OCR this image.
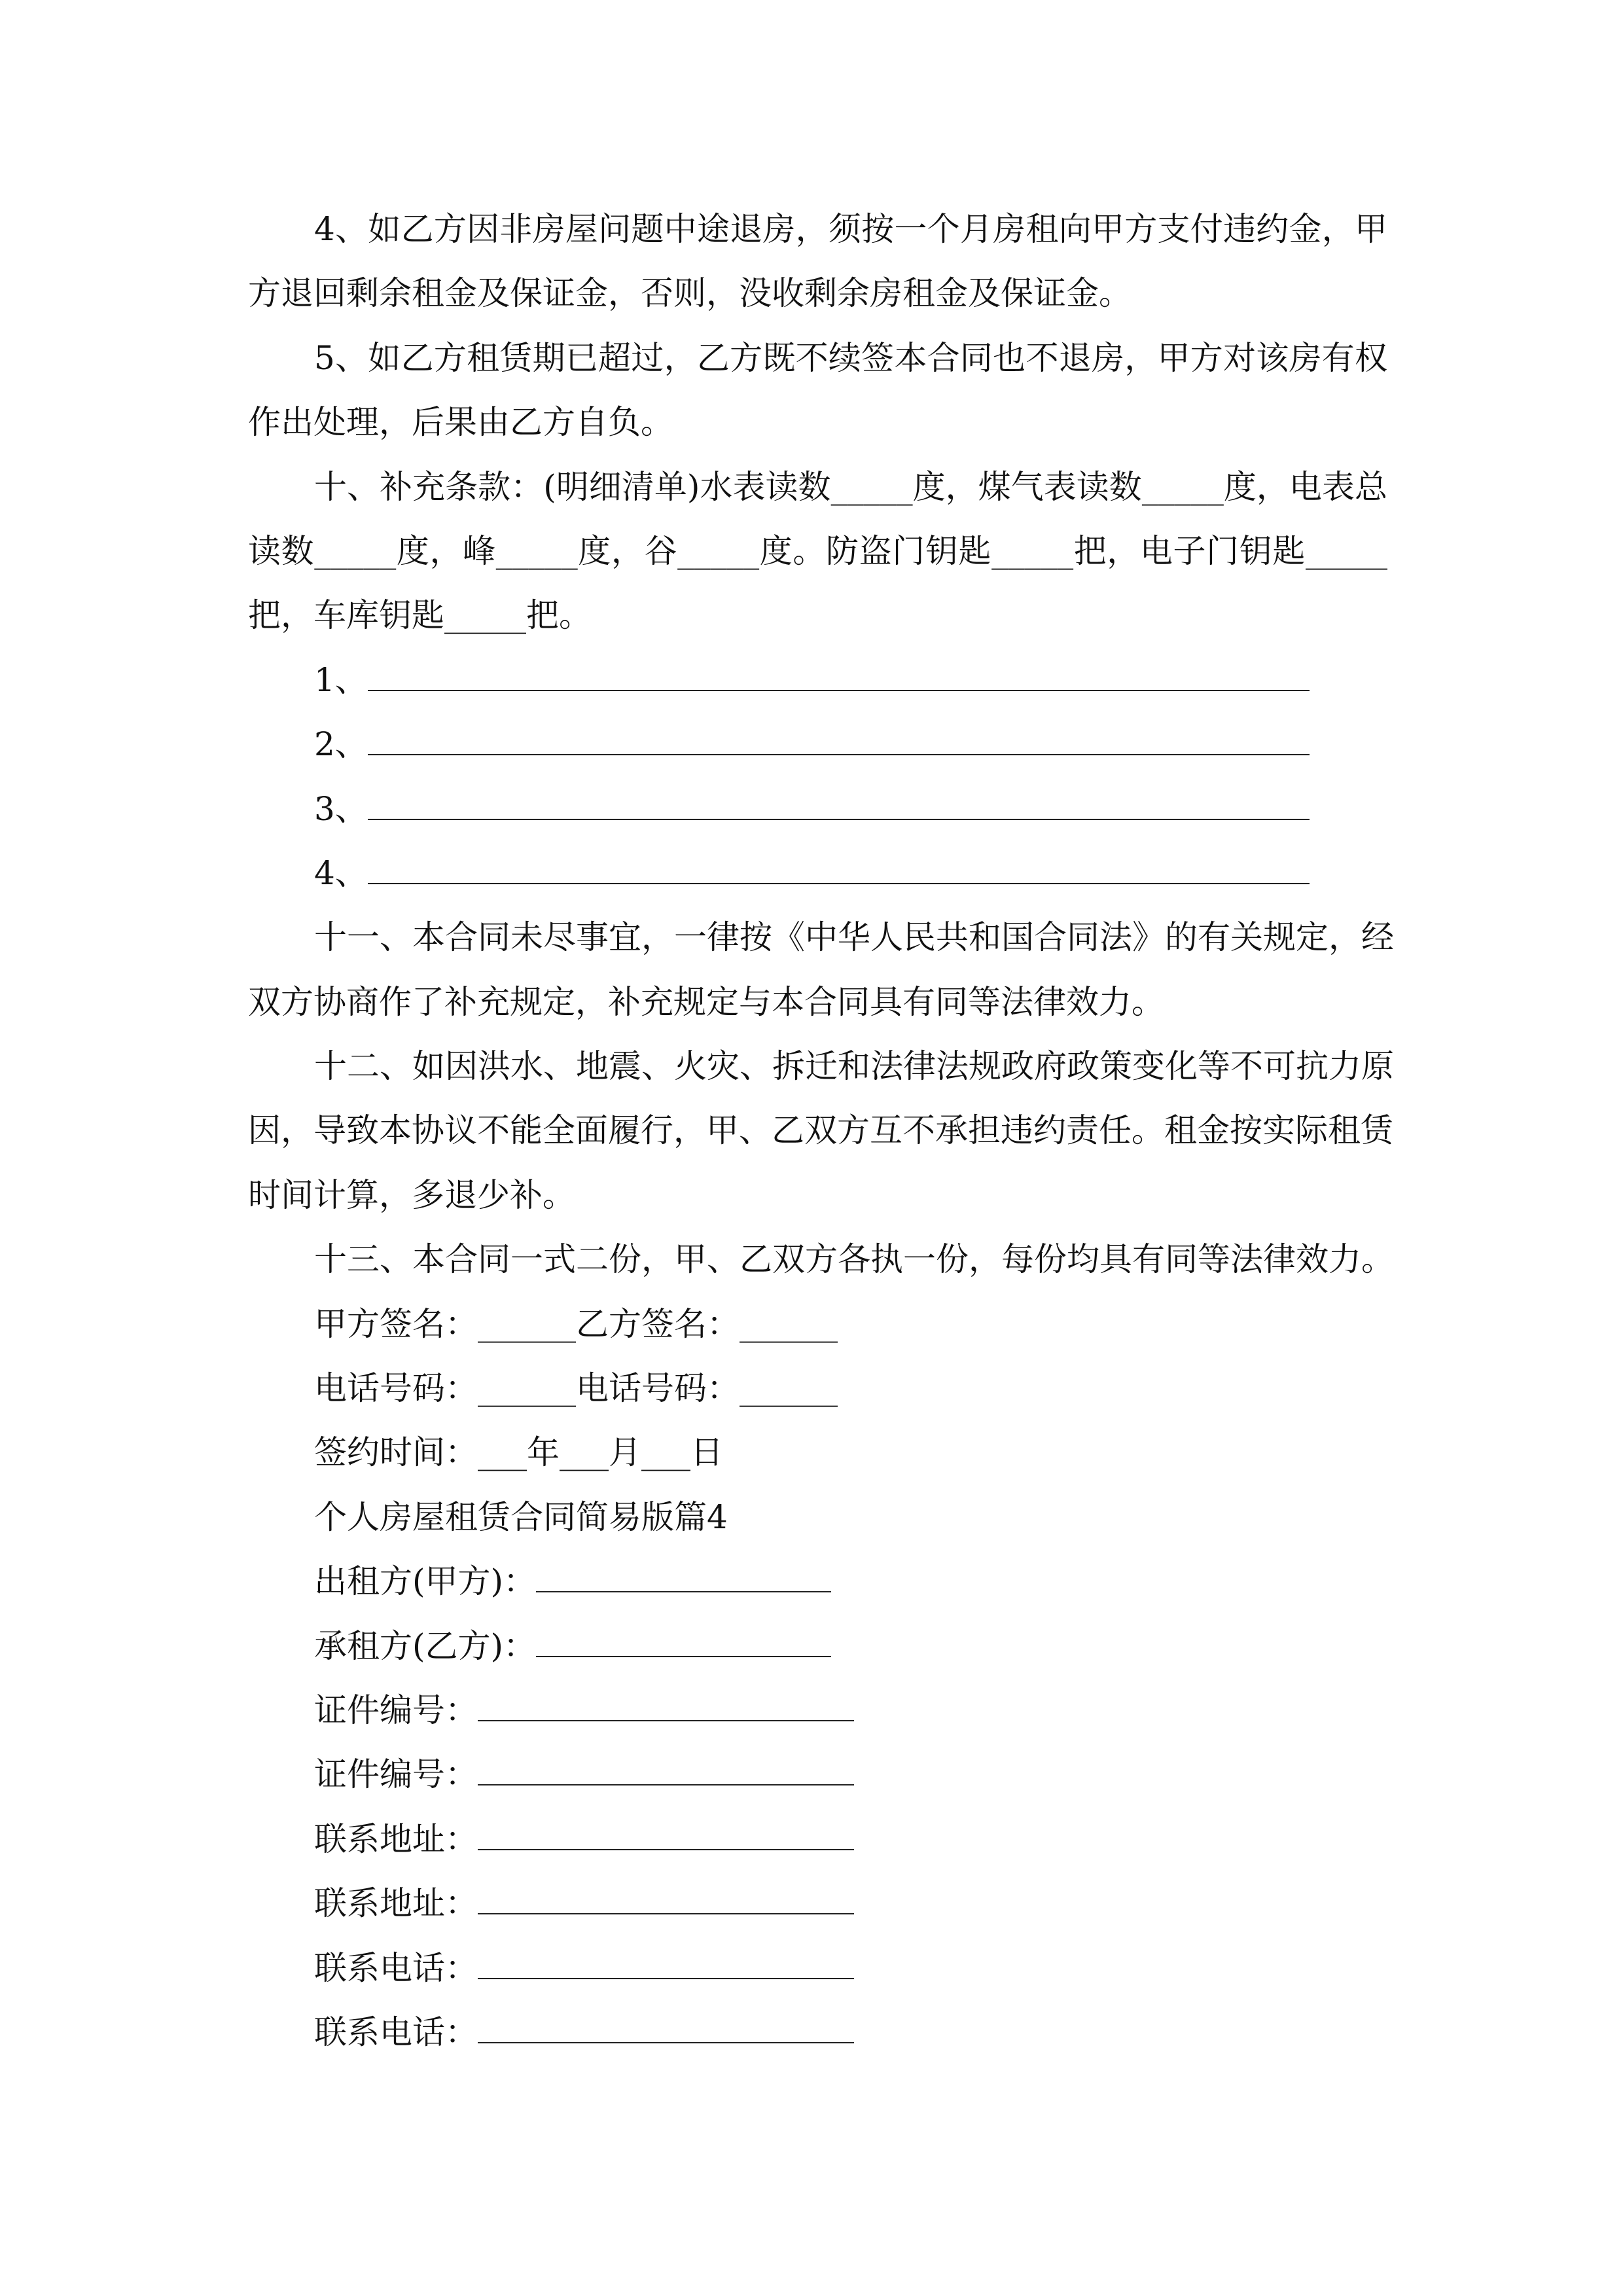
4、如乙方因非房屋问题中途退房，须按一个月房租向甲方支付违约金，甲
方退回剩余租金及保证金，否则，没收剩余房租金及保证金。
5、如乙方租赁期已超过，乙方既不续签本合同也不退房，甲方对该房有权
作出处理，后果由乙方自负。
十、补充条款：(明细清单)水表读数_____度，煤气表读数_____度，电表总
读数_____度，峰_____度，谷_____度。防盗门钥匙_____把，电子门钥匙_____
把，车库钥匙_____把。
1、
2、
3、
4、
十一、本合同未尽事宜，一律按《中华人民共和国合同法》的有关规定，经
双方协商作了补充规定，补充规定与本合同具有同等法律效力。
十二、如因洪水、地震、火灾、拆迁和法律法规政府政策变化等不可抗力原
因，导致本协议不能全面履行，甲、乙双方互不承担违约责任。租金按实际租赁
时间计算，多退少补。
十三、本合同一式二份，甲、乙双方各执一份，每份均具有同等法律效力。
甲方签名：______乙方签名：______
电话号码：______电话号码：______
签约时间：___年___月___日
个人房屋租赁合同简易版篇4
出租方(甲方)：
承租方(乙方)：
证件编号：
证件编号：
联系地址：
联系地址：
联系电话：
联系电话：
